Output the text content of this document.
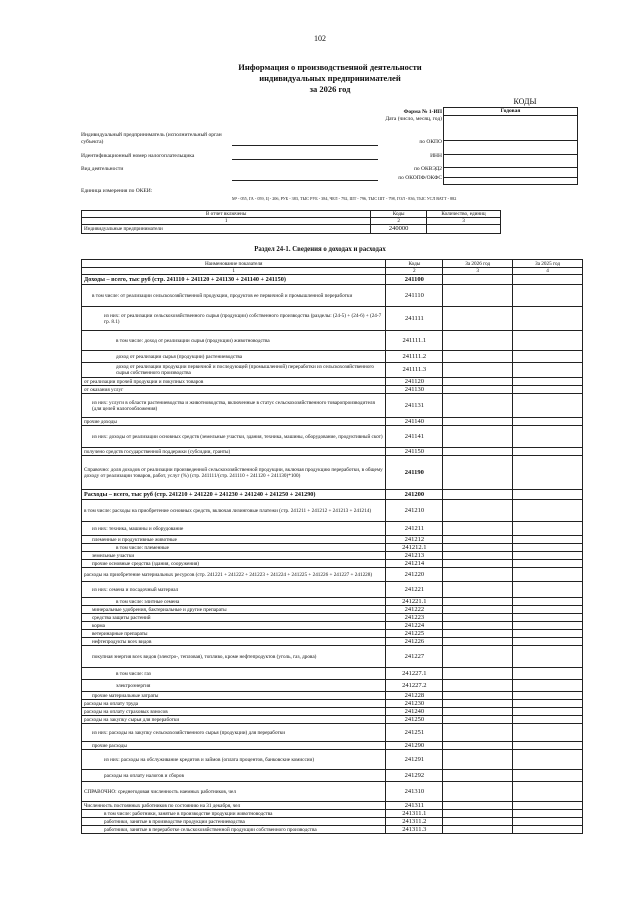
102
Информация о производственной деятельности
индивидуальных предпринимателей
за 2026 год
КОДЫ
Форма № 1-ИП
Дата (число, месяц, год)
по ОКПО
ИНН
по ОКВЭД2
по ОКОПФ/ОКФС
Годовая
Индивидуальный предприниматель (исполнительный орган субъекта)
Идентификационный номер налогоплательщика
Вид деятельности
Единица измерения по ОКЕИ:
М² - 055, ГА - 059, Ц - 206, РУБ - 383, ТЫС РУБ - 384, ЧЕЛ - 792, ШТ - 796, ТЫС ШТ - 798, ГОЛ - 836, ТЫС УСЛ ВАТТ - 882
В отчет включены	Коды	Количество, единиц
1	2	3
Индивидуальные предприниматели	240000	
Раздел 24-1. Сведения о доходах и расходах
Наименование показателя	Коды	За 2026 год	За 2025 год
1	2	3	4
Доходы – всего, тыс руб (стр. 241110 + 241120 + 241130 + 241140 + 241150)	241100		
в том числе: от реализации сельскохозяйственной продукции, продуктов ее первичной и промышленной переработки	241110		
из них: от реализации сельскохозяйственного сырья (продукции) собственного производства (разделы: (24-5) + (24-6) + (24-7 гр. 8.1)	241111		
в том числе: доход от реализации сырья (продукции) животноводства	241111.1		
доход от реализации сырья (продукции) растениеводства	241111.2		
доход от реализации продукции первичной и последующей (промышленной) переработки из сельскохозяйственного сырья собственного производства	241111.3		
от реализации прочей продукции и покупных товаров	241120		
от оказания услуг	241130		
из них: услуги в области растениеводства и животноводства, включенные в статус сельскохозяйственного товаропроизводителя (для целей налогообложения)	241131		
прочие доходы	241140		
из них: доходы от реализации основных средств (земельные участки, здания, техника, машины, оборудование, продуктивный скот)	241141		
получено средств государственной поддержки (субсидии, гранты)	241150		
Справочно: доля доходов от реализации произведенной сельскохозяйственной продукции, включая продукцию переработки, в общему доходу от реализации товаров, работ, услуг (%) (стр. 241111/(стр. 241110 + 241120 + 241130)*100)	241190		
Расходы – всего, тыс руб (стр. 241210 + 241220 + 241230 + 241240 + 241250 + 241290)	241200		
в том числе: расходы на приобретение основных средств, включая лизинговые платежи (стр. 241211 + 241212 + 241213 + 241214)	241210		
из них: техника, машины и оборудование	241211		
племенные и продуктивные животные	241212		
в том числе: племенные	241212.1		
земельные участки	241213		
прочие основные средства (здания, сооружения)	241214		
расходы на приобретение материальных ресурсов (стр. 241221 + 241222 + 241223 + 241224 + 241225 + 241226 + 241227 + 241228)	241220		
из них: семена и посадочный материал	241221		
в том числе: элитные семена	241221.1		
минеральные удобрения, бактериальные и другие препараты	241222		
средства защиты растений	241223		
корма	241224		
ветеринарные препараты	241225		
нефтепродукты всех видов	241226		
покупная энергия всех видов (электро-, тепловая), топливо, кроме нефтепродуктов (уголь, газ, дрова)	241227		
в том числе: газ	241227.1		
электроэнергия	241227.2		
прочие материальные затраты	241228		
расходы на оплату труда	241230		
расходы на оплату страховых взносов	241240		
расходы на закупку сырья для переработки	241250		
из них: расходы на закупку сельскохозяйственного сырья (продукции) для переработки	241251		
прочие расходы	241290		
из них: расходы на обслуживание кредитов и займов (оплата процентов, банковские комиссии)	241291		
расходы на оплату налогов и сборов	241292		
СПРАВОЧНО: среднегодовая численность наемных работников, чел	241310		
Численность постоянных работников по состоянию на 31 декабря, чел	241311		
в том числе: работники, занятые в производстве продукции животноводства	241311.1		
работники, занятые в производстве продукции растениеводства	241311.2		
работники, занятые в переработке сельскохозяйственной продукции собственного производства	241311.3		
